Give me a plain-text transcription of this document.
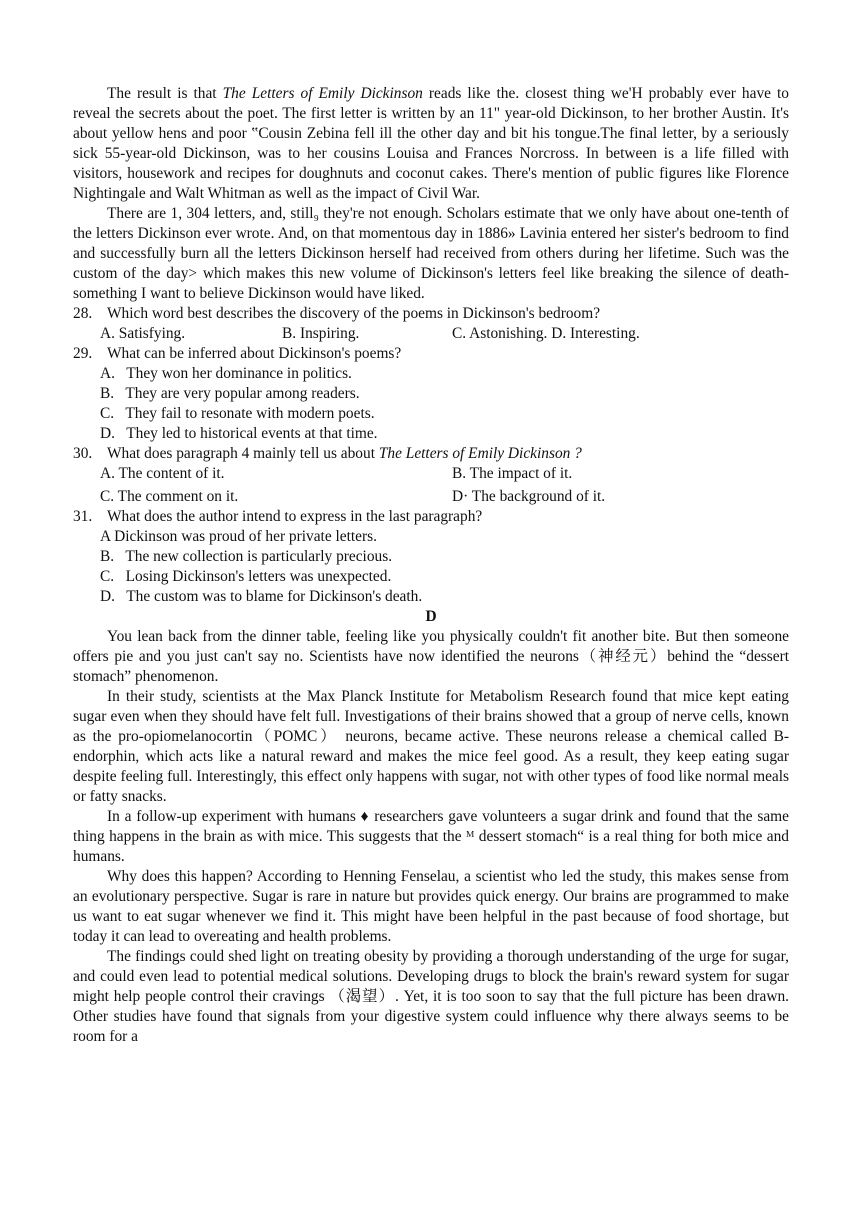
The result is that The Letters of Emily Dickinson reads like the. closest thing we'H probably ever have to reveal the secrets about the poet. The first letter is written by an 11" year-old Dickinson, to her brother Austin. It's about yellow hens and poor ‟Cousin Zebina fell ill the other day and bit his tongue.The final letter, by a seriously sick 55-year-old Dickinson, was to her cousins Louisa and Frances Norcross. In between is a life filled with visitors, housework and recipes for doughnuts and coconut cakes. There's mention of public figures like Florence Nightingale and Walt Whitman as well as the impact of Civil War.

There are 1, 304 letters, and, still₉ they're not enough. Scholars estimate that we only have about one-tenth of the letters Dickinson ever wrote. And, on that momentous day in 1886» Lavinia entered her sister's bedroom to find and successfully burn all the letters Dickinson herself had received from others during her lifetime. Such was the custom of the day> which makes this new volume of Dickinson's letters feel like breaking the silence of death-something I want to believe Dickinson would have liked.

28. Which word best describes the discovery of the poems in Dickinson's bedroom?

A. Satisfying.	B. Inspiring.	C. Astonishing. D. Interesting.

29. What can be inferred about Dickinson's poems?

A.   They won her dominance in politics.

B.   They are very popular among readers.

C.   They fail to resonate with modern poets.

D.   They led to historical events at that time.

30. What does paragraph 4 mainly tell us about The Letters of Emily Dickinson ?

A. The content of it.	B. The impact of it.
C. The comment on it.	D· The background of it.

31. What does the author intend to express in the last paragraph?

A Dickinson was proud of her private letters.

B.   The new collection is particularly precious.

C.   Losing Dickinson's letters was unexpected.

D.   The custom was to blame for Dickinson's death.

D

You lean back from the dinner table, feeling like you physically couldn't fit another bite. But then someone offers pie and you just can't say no. Scientists have now identified the neurons（神经元）behind the “dessert stomach” phenomenon.

In their study, scientists at the Max Planck Institute for Metabolism Research found that mice kept eating sugar even when they should have felt full. Investigations of their brains showed that a group of nerve cells, known as the pro-opiomelanocortin（POMC） neurons, became active. These neurons release a chemical called B-endorphin, which acts like a natural reward and makes the mice feel good. As a result, they keep eating sugar despite feeling full. Interestingly, this effect only happens with sugar, not with other types of food like normal meals or fatty snacks.

In a follow-up experiment with humans ♦ researchers gave volunteers a sugar drink and found that the same thing happens in the brain as with mice. This suggests that the ᴹ dessert stomach“ is a real thing for both mice and humans.

Why does this happen? According to Henning Fenselau, a scientist who led the study, this makes sense from an evolutionary perspective. Sugar is rare in nature but provides quick energy. Our brains are programmed to make us want to eat sugar whenever we find it. This might have been helpful in the past because of food shortage, but today it can lead to overeating and health problems.

The findings could shed light on treating obesity by providing a thorough understanding of the urge for sugar, and could even lead to potential medical solutions. Developing drugs to block the brain's reward system for sugar might help people control their cravings （渴望）. Yet, it is too soon to say that the full picture has been drawn. Other studies have found that signals from your digestive system could influence why there always seems to be room for a
